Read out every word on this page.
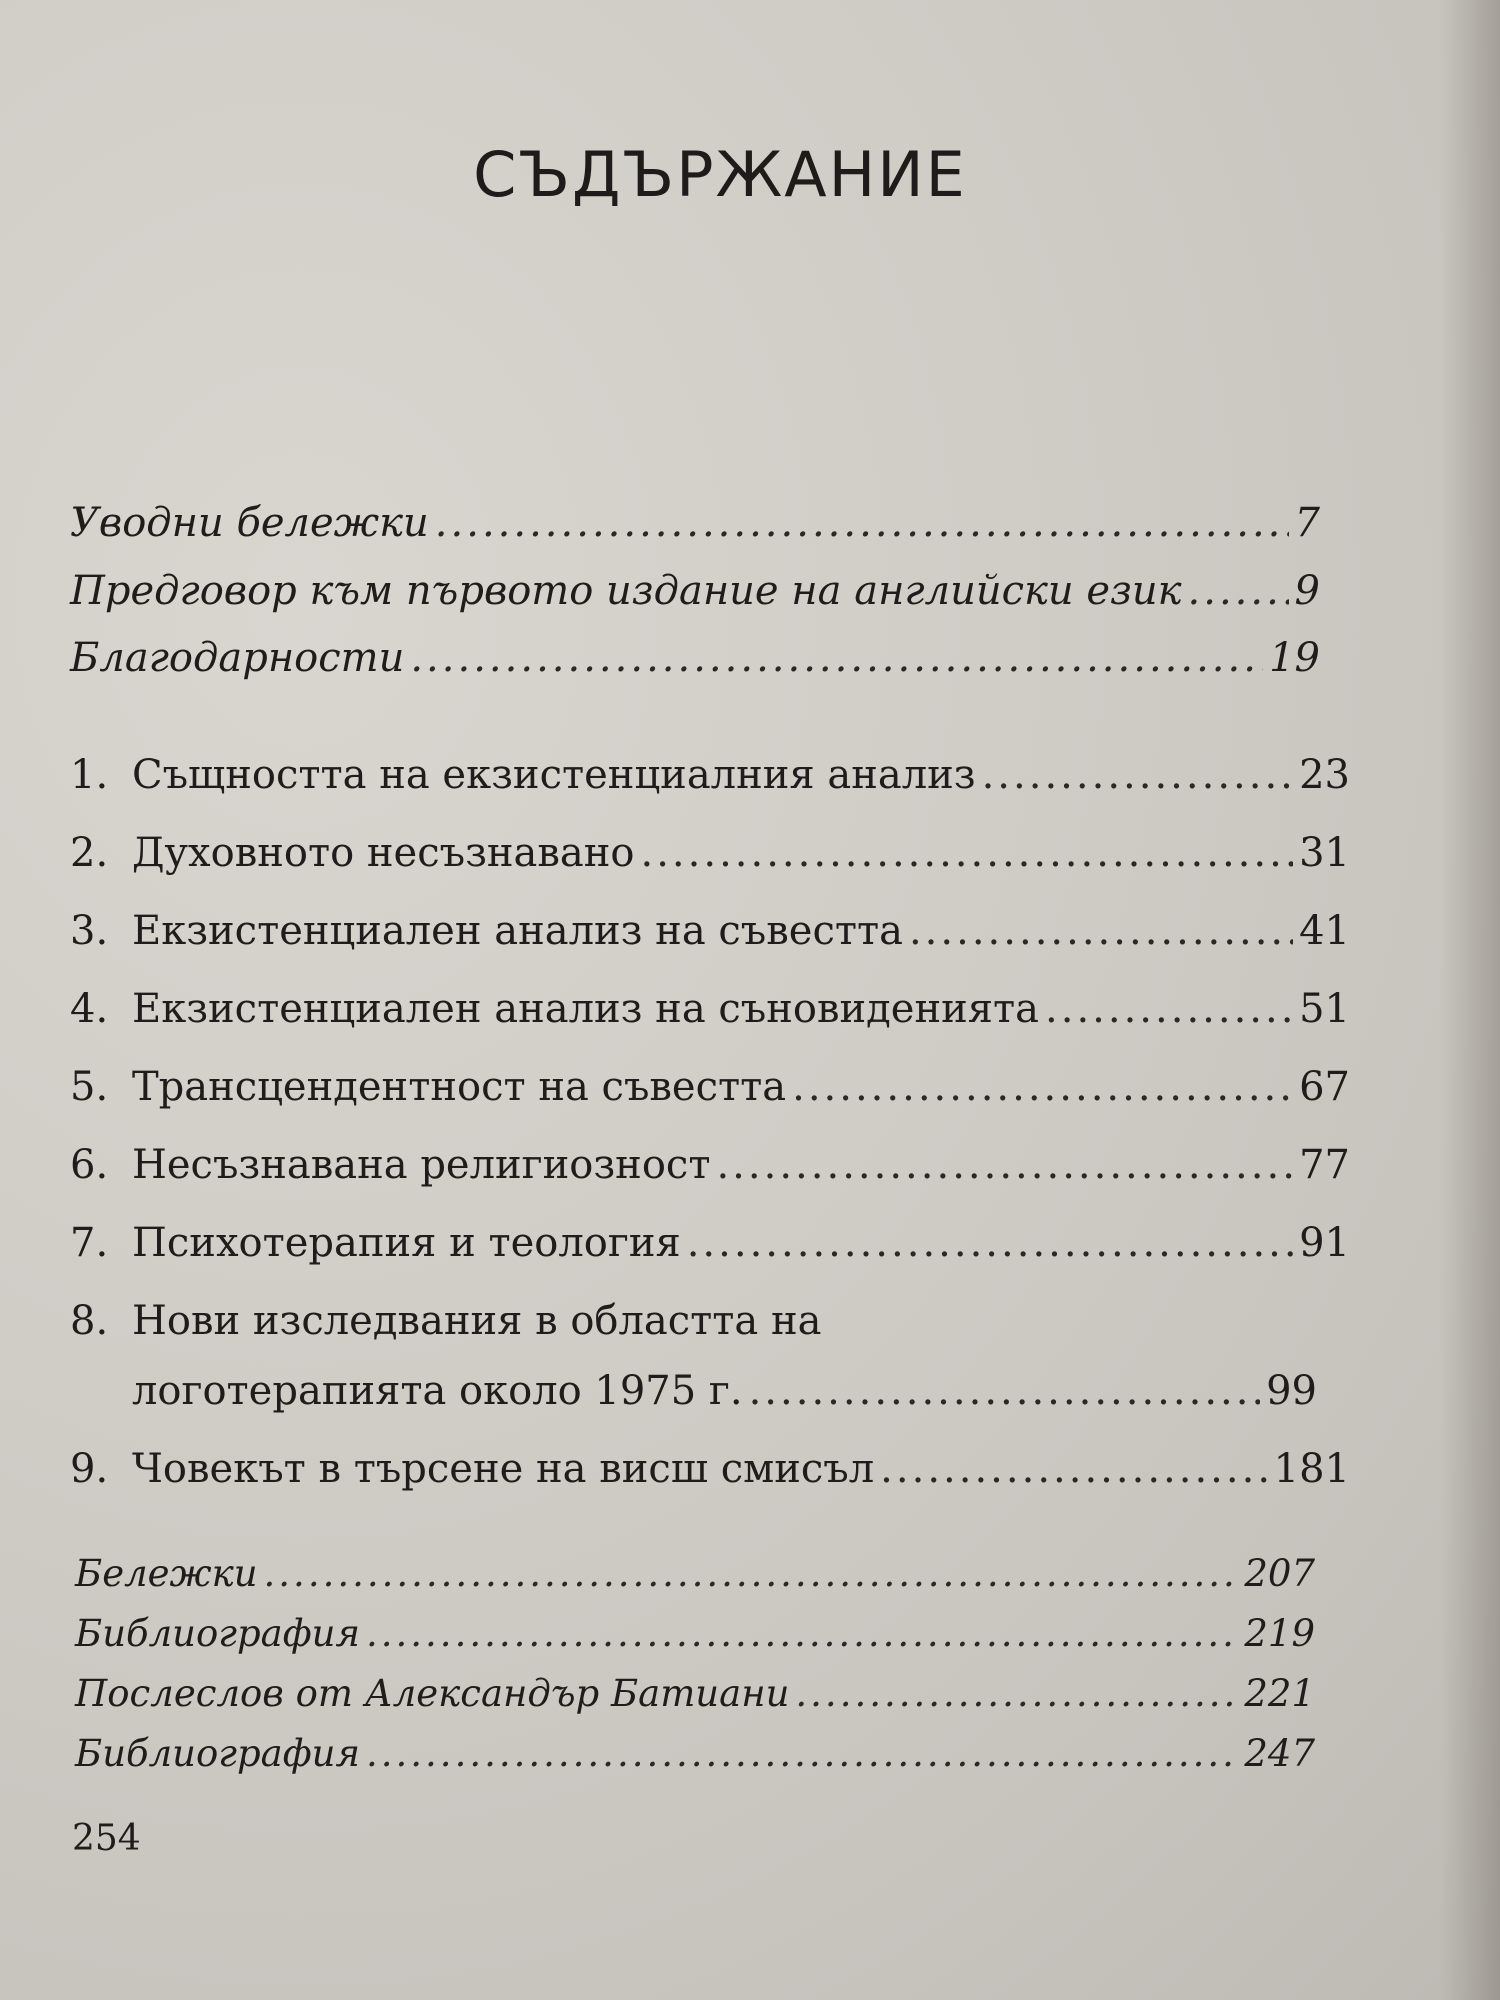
СЪДЪРЖАНИЕ
Уводни бележки .....	7
Предговор към първото издание на английски език .....	9
Благодарности .....	19
1. Същността на екзистенциалния анализ .....	23
2. Духовното несъзнавано .....	31
3. Екзистенциален анализ на съвестта .....	41
4. Екзистенциален анализ на съновиденията .....	51
5. Трансцендентност на съвестта .....	67
6. Несъзнавана религиозност .....	77
7. Психотерапия и теология .....	91
8. Нови изследвания в областта на
логотерапията около 1975 г. .....	99
9. Човекът в търсене на висш смисъл .....	181
Бележки .....	207
Библиография .....	219
Послеслов от Александър Батиани .....	221
Библиография .....	247
254
